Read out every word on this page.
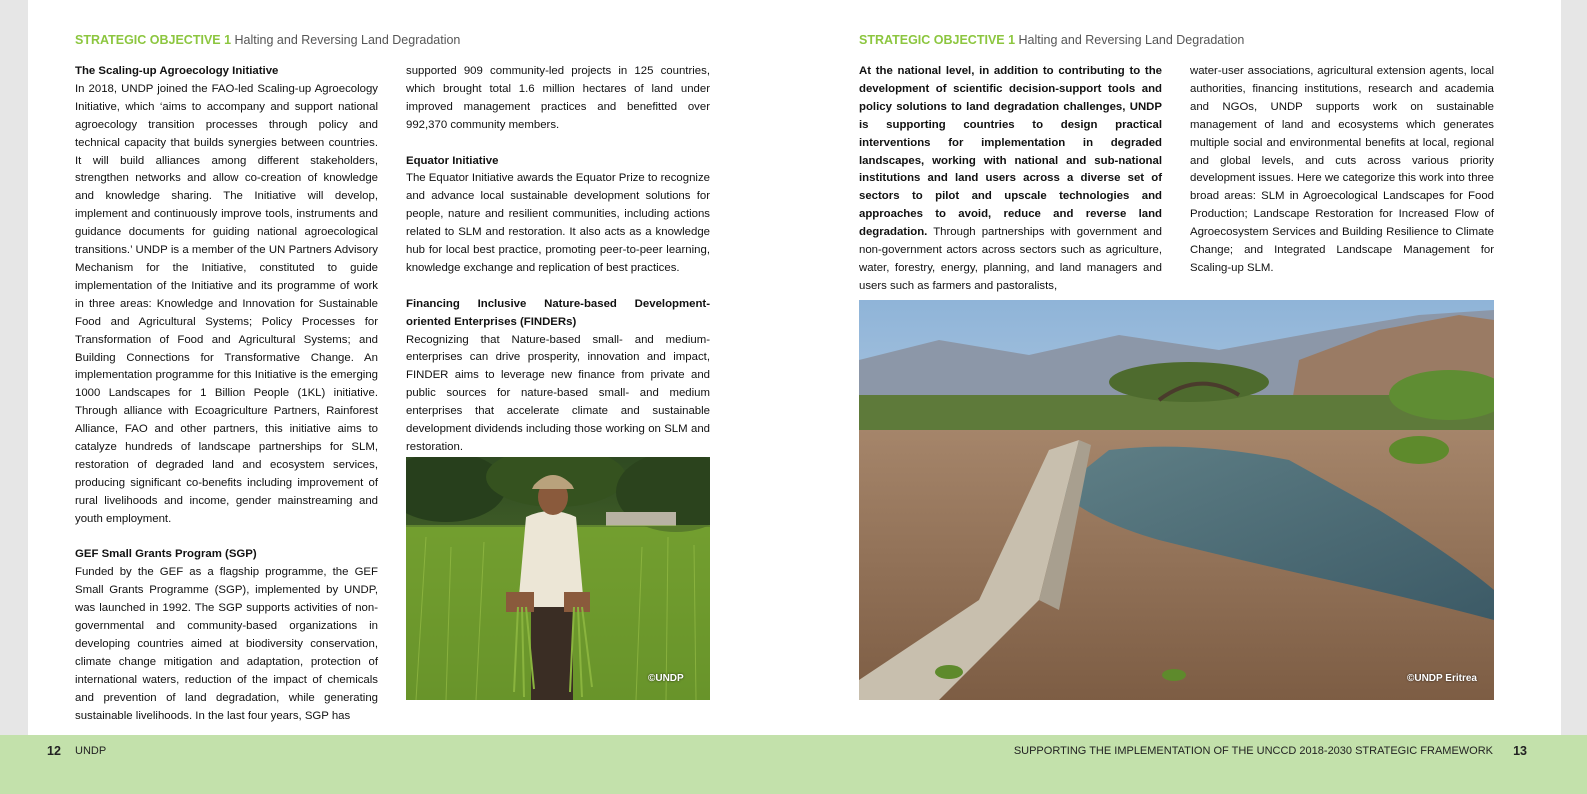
STRATEGIC OBJECTIVE 1 Halting and Reversing Land Degradation
The Scaling-up Agroecology Initiative

In 2018, UNDP joined the FAO-led Scaling-up Agroecology Initiative, which ‘aims to accompany and support national agroecology transition processes through policy and technical capacity that builds synergies between countries. It will build alliances among different stakeholders, strengthen networks and allow co-creation of knowledge and knowledge sharing. The Initiative will develop, implement and continuously improve tools, instruments and guidance documents for guiding national agroecological transitions.’ UNDP is a member of the UN Partners Advisory Mechanism for the Initiative, constituted to guide implementation of the Initiative and its programme of work in three areas: Knowledge and Innovation for Sustainable Food and Agricultural Systems; Policy Processes for Transformation of Food and Agricultural Systems; and Building Connections for Transformative Change. An implementation programme for this Initiative is the emerging 1000 Landscapes for 1 Billion People (1KL) initiative. Through alliance with Ecoagriculture Partners, Rainforest Alliance, FAO and other partners, this initiative aims to catalyze hundreds of landscape partnerships for SLM, restoration of degraded land and ecosystem services, producing significant co-benefits including improvement of rural livelihoods and income, gender mainstreaming and youth employment.

GEF Small Grants Program (SGP)

Funded by the GEF as a flagship programme, the GEF Small Grants Programme (SGP), implemented by UNDP, was launched in 1992. The SGP supports activities of non-governmental and community-based organizations in developing countries aimed at biodiversity conservation, climate change mitigation and adaptation, protection of international waters, reduction of the impact of chemicals and prevention of land degradation, while generating sustainable livelihoods. In the last four years, SGP has

supported 909 community-led projects in 125 countries, which brought total 1.6 million hectares of land under improved management practices and benefitted over 992,370 community members.

Equator Initiative

The Equator Initiative awards the Equator Prize to recognize and advance local sustainable development solutions for people, nature and resilient communities, including actions related to SLM and restoration. It also acts as a knowledge hub for local best practice, promoting peer-to-peer learning, knowledge exchange and replication of best practices.

Financing Inclusive Nature-based Development-oriented Enterprises (FINDERs)

Recognizing that Nature-based small- and medium-enterprises can drive prosperity, innovation and impact, FINDER aims to leverage new finance from private and public sources for nature-based small- and medium enterprises that accelerate climate and sustainable development dividends including those working on SLM and restoration.

©UNDP
STRATEGIC OBJECTIVE 1 Halting and Reversing Land Degradation

At the national level, in addition to contributing to the development of scientific decision-support tools and policy solutions to land degradation challenges, UNDP is supporting countries to design practical interventions for implementation in degraded landscapes, working with national and sub-national institutions and land users across a diverse set of sectors to pilot and upscale technologies and approaches to avoid, reduce and reverse land degradation. Through partnerships with government and non-government actors across sectors such as agriculture, water, forestry, energy, planning, and land managers and users such as farmers and pastoralists,

water-user associations, agricultural extension agents, local authorities, financing institutions, research and academia and NGOs, UNDP supports work on sustainable management of land and ecosystems which generates multiple social and environmental benefits at local, regional and global levels, and cuts across various priority development issues. Here we categorize this work into three broad areas: SLM in Agroecological Landscapes for Food Production; Landscape Restoration for Increased Flow of Agroecosystem Services and Building Resilience to Climate Change; and Integrated Landscape Management for Scaling-up SLM.

©UNDP Eritrea
12 UNDP	SUPPORTING THE IMPLEMENTATION OF THE UNCCD 2018-2030 STRATEGIC FRAMEWORK 13
